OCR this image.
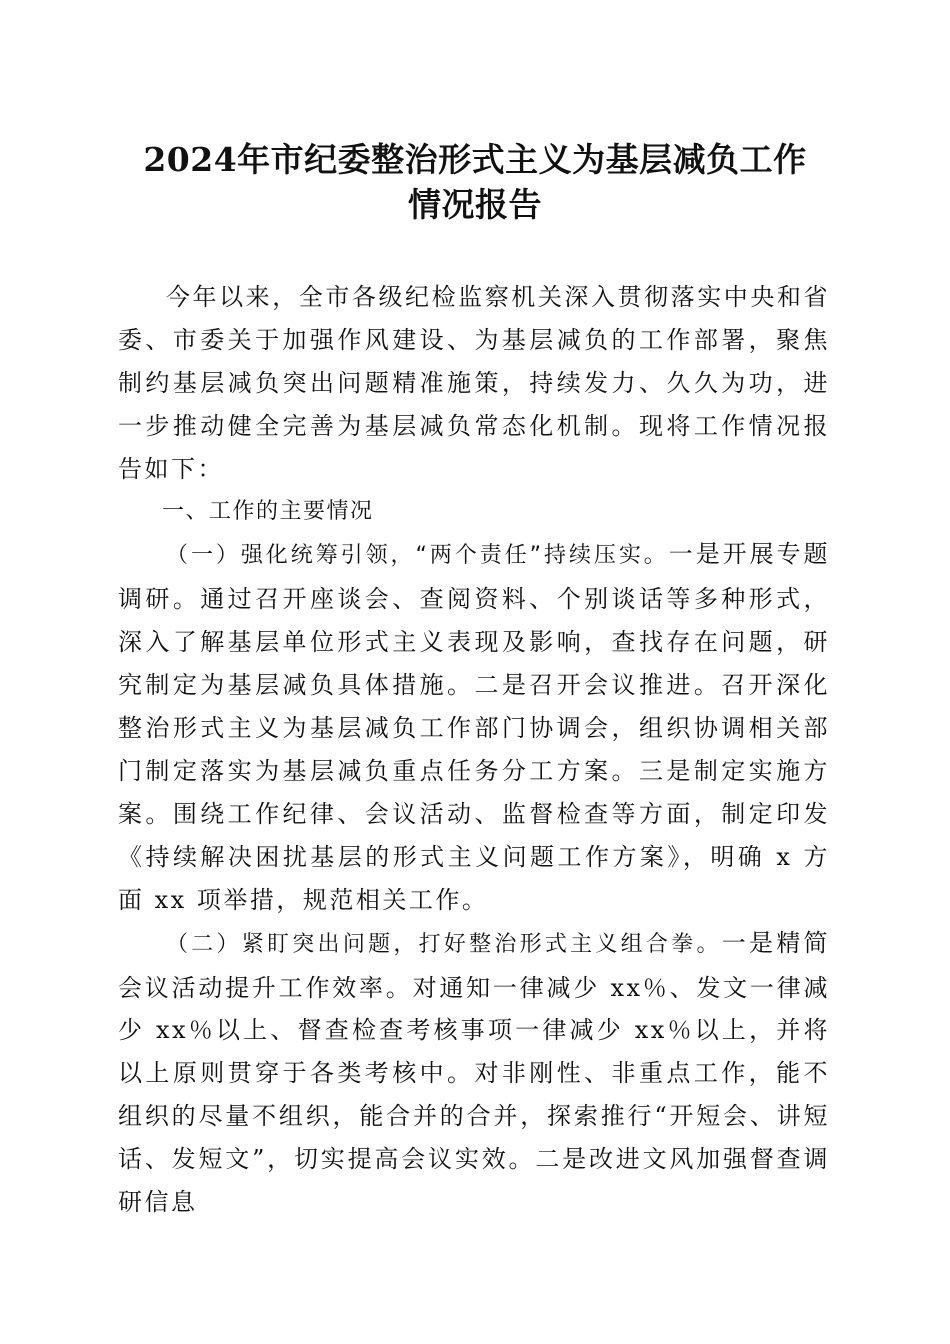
2024年市纪委整治形式主义为基层减负工作
情况报告

今年以来，全市各级纪检监察机关深入贯彻落实中央和省委、市委关于加强作风建设、为基层减负的工作部署，聚焦制约基层减负突出问题精准施策，持续发力、久久为功，进一步推动健全完善为基层减负常态化机制。现将工作情况报告如下：

一、工作的主要情况

（一）强化统筹引领，“两个责任”持续压实。一是开展专题调研。通过召开座谈会、查阅资料、个别谈话等多种形式，深入了解基层单位形式主义表现及影响，查找存在问题，研究制定为基层减负具体措施。二是召开会议推进。召开深化整治形式主义为基层减负工作部门协调会，组织协调相关部门制定落实为基层减负重点任务分工方案。三是制定实施方案。围绕工作纪律、会议活动、监督检查等方面，制定印发《持续解决困扰基层的形式主义问题工作方案》，明确 x 方面 xx 项举措，规范相关工作。

（二）紧盯突出问题，打好整治形式主义组合拳。一是精简会议活动提升工作效率。对通知一律减少 xx％、发文一律减少 xx％以上、督查检查考核事项一律减少 xx％以上，并将以上原则贯穿于各类考核中。对非刚性、非重点工作，能不组织的尽量不组织，能合并的合并，探索推行“开短会、讲短话、发短文”，切实提高会议实效。二是改进文风加强督查调研信息
